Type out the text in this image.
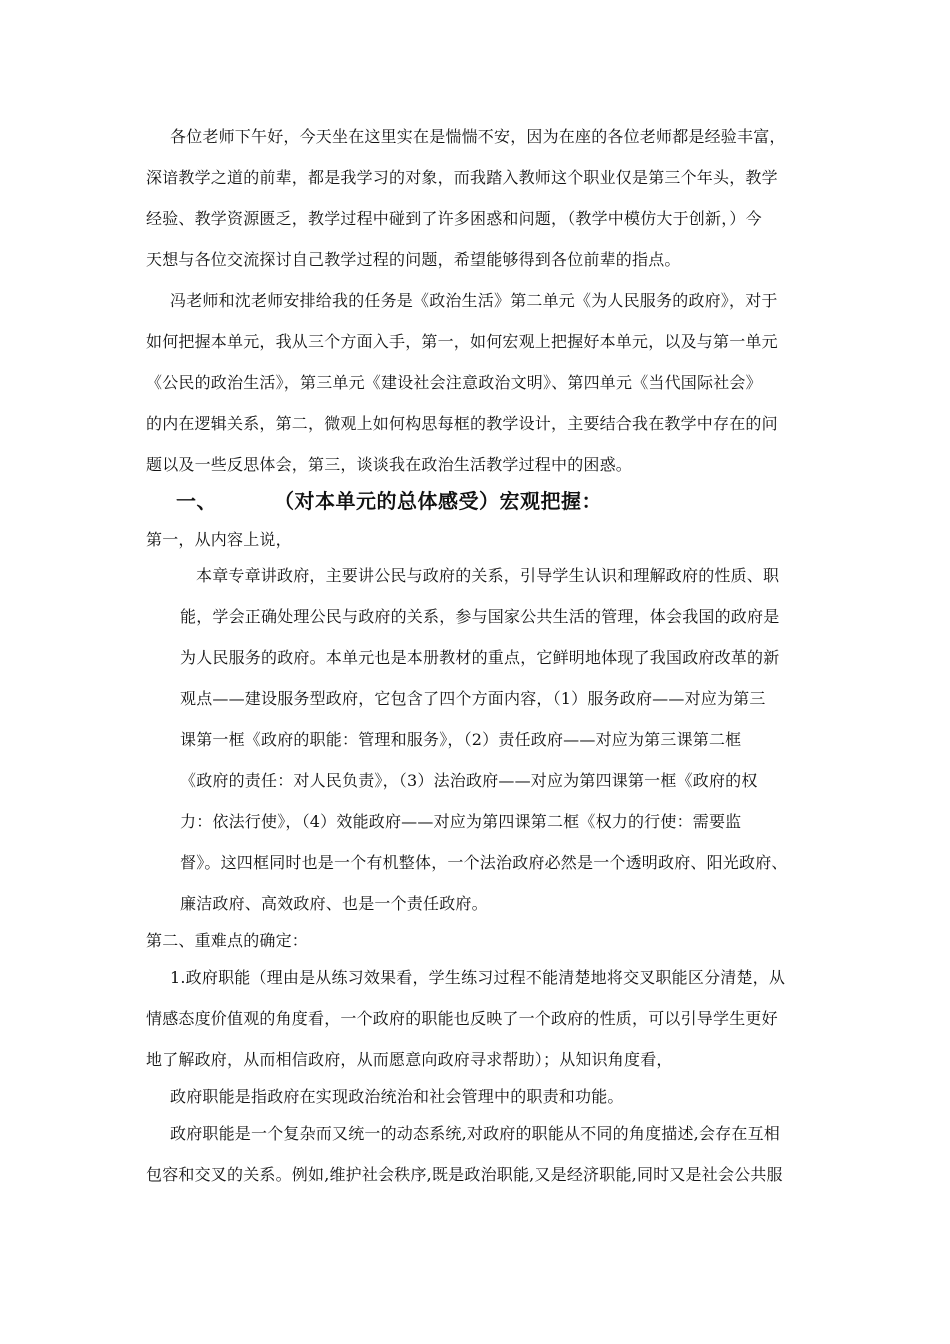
各位老师下午好，今天坐在这里实在是惴惴不安，因为在座的各位老师都是经验丰富，
深谙教学之道的前辈，都是我学习的对象，而我踏入教师这个职业仅是第三个年头，教学
经验、教学资源匮乏，教学过程中碰到了许多困惑和问题，（教学中模仿大于创新，）今
天想与各位交流探讨自己教学过程的问题，希望能够得到各位前辈的指点。
冯老师和沈老师安排给我的任务是《政治生活》第二单元《为人民服务的政府》，对于
如何把握本单元，我从三个方面入手，第一，如何宏观上把握好本单元，以及与第一单元
《公民的政治生活》，第三单元《建设社会注意政治文明》、第四单元《当代国际社会》
的内在逻辑关系，第二，微观上如何构思每框的教学设计，主要结合我在教学中存在的问
题以及一些反思体会，第三，谈谈我在政治生活教学过程中的困惑。
一、	（对本单元的总体感受）宏观把握：
第一，从内容上说，
本章专章讲政府，主要讲公民与政府的关系，引导学生认识和理解政府的性质、职
能，学会正确处理公民与政府的关系，参与国家公共生活的管理，体会我国的政府是
为人民服务的政府。本单元也是本册教材的重点，它鲜明地体现了我国政府改革的新
观点——建设服务型政府，它包含了四个方面内容，（1）服务政府——对应为第三
课第一框《政府的职能：管理和服务》，（2）责任政府——对应为第三课第二框
《政府的责任：对人民负责》，（3）法治政府——对应为第四课第一框《政府的权
力：依法行使》，（4）效能政府——对应为第四课第二框《权力的行使：需要监
督》。这四框同时也是一个有机整体，一个法治政府必然是一个透明政府、阳光政府、
廉洁政府、高效政府、也是一个责任政府。
第二、重难点的确定：
1.政府职能（理由是从练习效果看，学生练习过程不能清楚地将交叉职能区分清楚，从
情感态度价值观的角度看，一个政府的职能也反映了一个政府的性质，可以引导学生更好
地了解政府，从而相信政府，从而愿意向政府寻求帮助）；从知识角度看，
政府职能是指政府在实现政治统治和社会管理中的职责和功能。
政府职能是一个复杂而又统一的动态系统,对政府的职能从不同的角度描述,会存在互相
包容和交叉的关系。例如,维护社会秩序,既是政治职能,又是经济职能,同时又是社会公共服
